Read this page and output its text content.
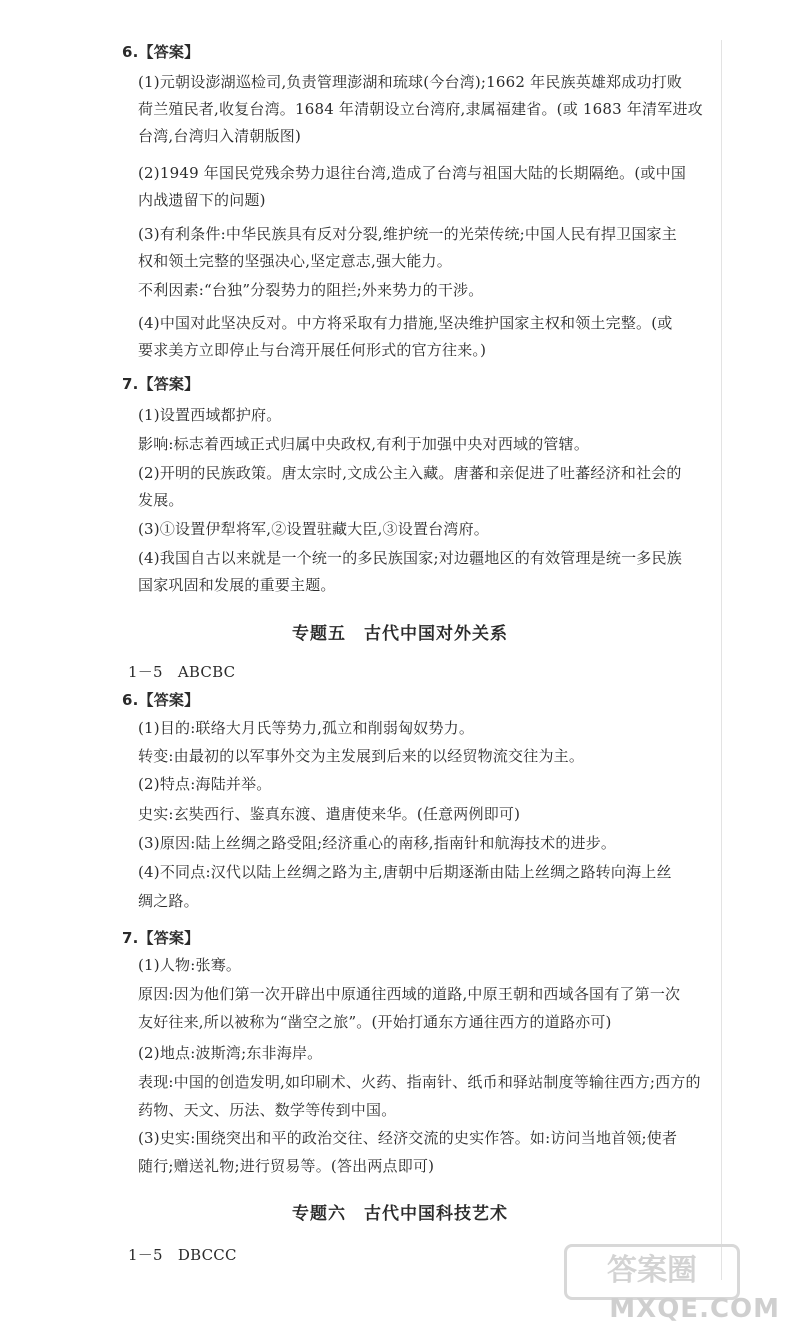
6.【答案】
(1)元朝设澎湖巡检司,负责管理澎湖和琉球(今台湾);1662 年民族英雄郑成功打败
荷兰殖民者,收复台湾。1684 年清朝设立台湾府,隶属福建省。(或 1683 年清军进攻
台湾,台湾归入清朝版图)
(2)1949 年国民党残余势力退往台湾,造成了台湾与祖国大陆的长期隔绝。(或中国
内战遗留下的问题)
(3)有利条件:中华民族具有反对分裂,维护统一的光荣传统;中国人民有捍卫国家主
权和领土完整的坚强决心,坚定意志,强大能力。
不利因素:“台独”分裂势力的阻拦;外来势力的干涉。
(4)中国对此坚决反对。中方将采取有力措施,坚决维护国家主权和领土完整。(或
要求美方立即停止与台湾开展任何形式的官方往来。)
7.【答案】
(1)设置西域都护府。
影响:标志着西域正式归属中央政权,有利于加强中央对西域的管辖。
(2)开明的民族政策。唐太宗时,文成公主入藏。唐蕃和亲促进了吐蕃经济和社会的
发展。
(3)①设置伊犁将军,②设置驻藏大臣,③设置台湾府。
(4)我国自古以来就是一个统一的多民族国家;对边疆地区的有效管理是统一多民族
国家巩固和发展的重要主题。
专题五　古代中国对外关系
1－5　ABCBC
6.【答案】
(1)目的:联络大月氏等势力,孤立和削弱匈奴势力。
转变:由最初的以军事外交为主发展到后来的以经贸物流交往为主。
(2)特点:海陆并举。
史实:玄奘西行、鉴真东渡、遣唐使来华。(任意两例即可)
(3)原因:陆上丝绸之路受阻;经济重心的南移,指南针和航海技术的进步。
(4)不同点:汉代以陆上丝绸之路为主,唐朝中后期逐渐由陆上丝绸之路转向海上丝
绸之路。
7.【答案】
(1)人物:张骞。
原因:因为他们第一次开辟出中原通往西域的道路,中原王朝和西域各国有了第一次
友好往来,所以被称为“凿空之旅”。(开始打通东方通往西方的道路亦可)
(2)地点:波斯湾;东非海岸。
表现:中国的创造发明,如印刷术、火药、指南针、纸币和驿站制度等输往西方;西方的
药物、天文、历法、数学等传到中国。
(3)史实:围绕突出和平的政治交往、经济交流的史实作答。如:访问当地首领;使者
随行;赠送礼物;进行贸易等。(答出两点即可)
专题六　古代中国科技艺术
1－5　DBCCC	答案圈
MXQE.COM
